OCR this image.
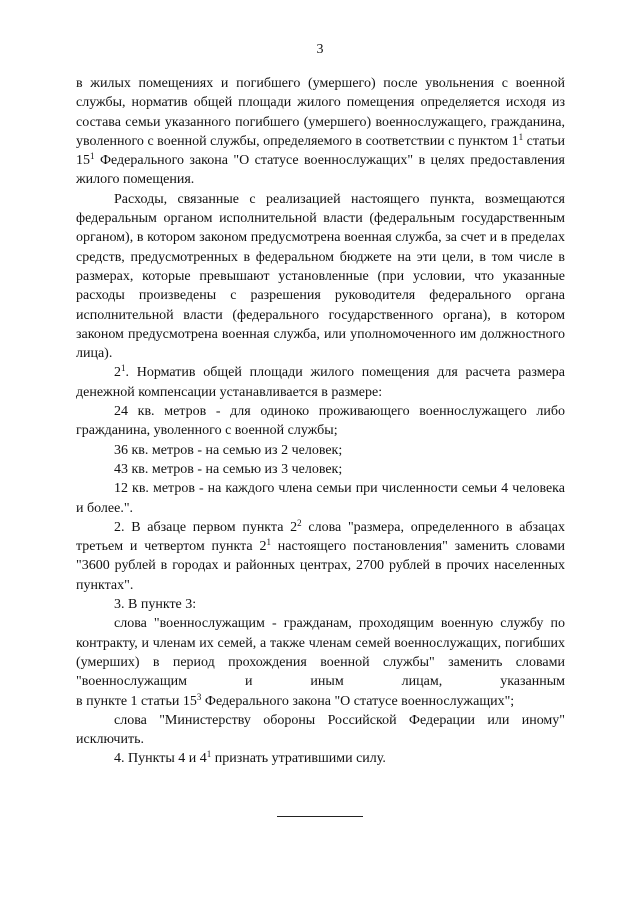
3

в жилых помещениях и погибшего (умершего) после увольнения с военной службы, норматив общей площади жилого помещения определяется исходя из состава семьи указанного погибшего (умершего) военнослужащего, гражданина, уволенного с военной службы, определяемого в соответствии с пунктом $1^1$ статьи $15^1$ Федерального закона "О статусе военнослужащих" в целях предоставления жилого помещения.

Расходы, связанные с реализацией настоящего пункта, возмещаются федеральным органом исполнительной власти (федеральным государственным органом), в котором законом предусмотрена военная служба, за счет и в пределах средств, предусмотренных в федеральном бюджете на эти цели, в том числе в размерах, которые превышают установленные (при условии, что указанные расходы произведены с разрешения руководителя федерального органа исполнительной власти (федерального государственного органа), в котором законом предусмотрена военная служба, или уполномоченного им должностного лица).

$2^1$. Норматив общей площади жилого помещения для расчета размера денежной компенсации устанавливается в размере:

24 кв. метров - для одиноко проживающего военнослужащего либо гражданина, уволенного с военной службы;

36 кв. метров - на семью из 2 человек;

43 кв. метров - на семью из 3 человек;

12 кв. метров - на каждого члена семьи при численности семьи 4 человека и более.".

2. В абзаце первом пункта $2^2$ слова "размера, определенного в абзацах третьем и четвертом пункта $2^1$ настоящего постановления" заменить словами "3600 рублей в городах и районных центрах, 2700 рублей в прочих населенных пунктах".

3. В пункте 3:

слова "военнослужащим - гражданам, проходящим военную службу по контракту, и членам их семей, а также членам семей военнослужащих, погибших (умерших) в период прохождения военной службы" заменить словами "военнослужащим и иным лицам, указанным

в пункте 1 статьи $15^3$ Федерального закона "О статусе военнослужащих";

слова "Министерству обороны Российской Федерации или иному" исключить.

4. Пункты 4 и $4^1$ признать утратившими силу.
